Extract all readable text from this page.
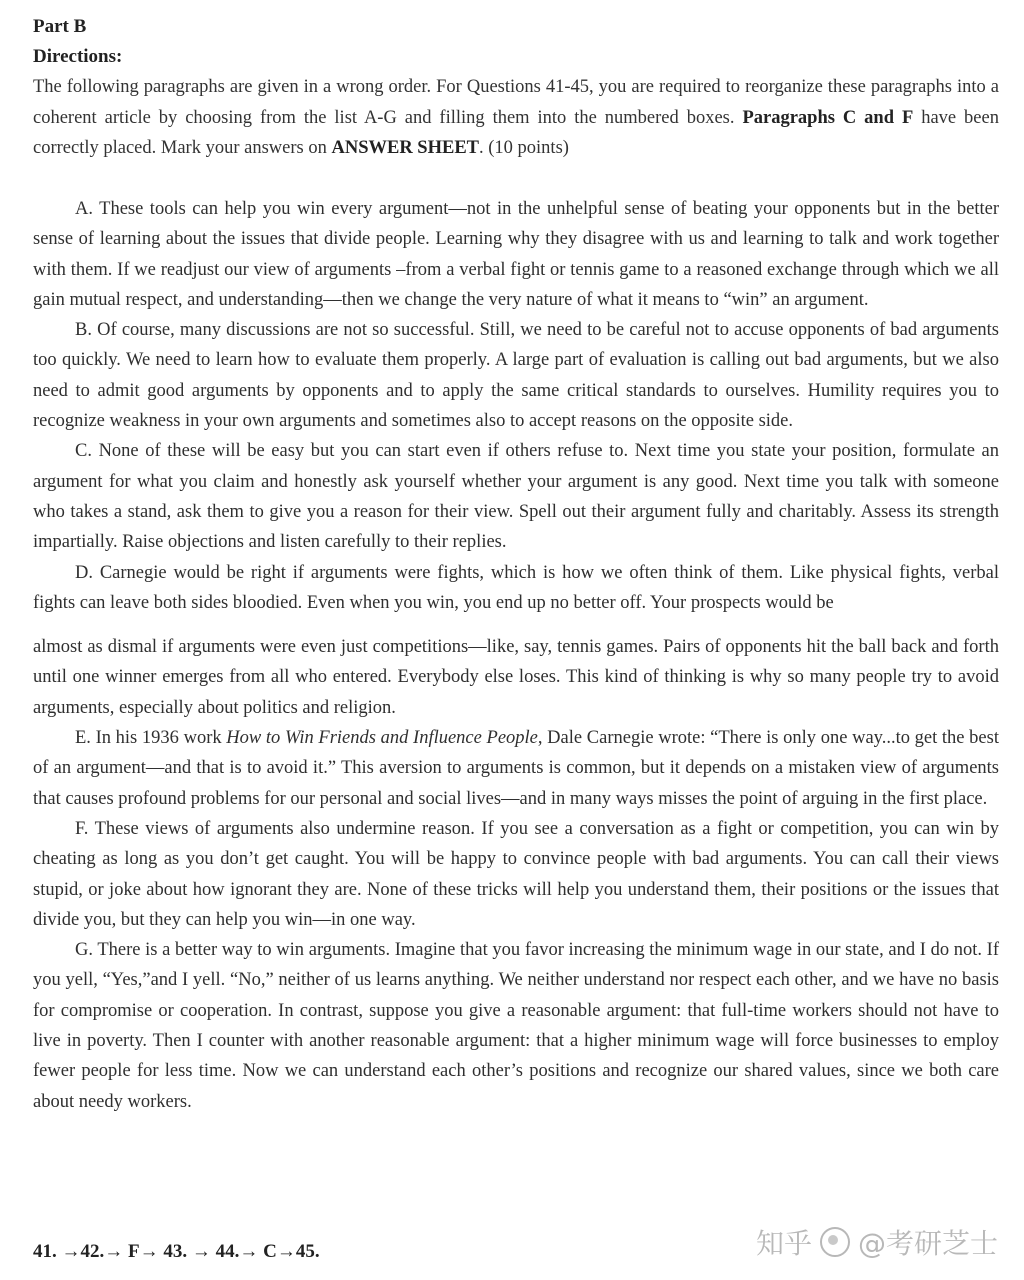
Part B
Directions:
The following paragraphs are given in a wrong order. For Questions 41-45, you are required to reorganize these paragraphs into a coherent article by choosing from the list A-G and filling them into the numbered boxes. Paragraphs C and F have been correctly placed. Mark your answers on ANSWER SHEET. (10 points)

A. These tools can help you win every argument—not in the unhelpful sense of beating your opponents but in the better sense of learning about the issues that divide people. Learning why they disagree with us and learning to talk and work together with them. If we readjust our view of arguments –from a verbal fight or tennis game to a reasoned exchange through which we all gain mutual respect, and understanding—then we change the very nature of what it means to “win” an argument.

B. Of course, many discussions are not so successful. Still, we need to be careful not to accuse opponents of bad arguments too quickly. We need to learn how to evaluate them properly. A large part of evaluation is calling out bad arguments, but we also need to admit good arguments by opponents and to apply the same critical standards to ourselves. Humility requires you to recognize weakness in your own arguments and sometimes also to accept reasons on the opposite side.

C. None of these will be easy but you can start even if others refuse to. Next time you state your position, formulate an argument for what you claim and honestly ask yourself whether your argument is any good. Next time you talk with someone who takes a stand, ask them to give you a reason for their view. Spell out their argument fully and charitably. Assess its strength impartially. Raise objections and listen carefully to their replies.

D. Carnegie would be right if arguments were fights, which is how we often think of them. Like physical fights, verbal fights can leave both sides bloodied. Even when you win, you end up no better off. Your prospects would be

almost as dismal if arguments were even just competitions—like, say, tennis games. Pairs of opponents hit the ball back and forth until one winner emerges from all who entered. Everybody else loses. This kind of thinking is why so many people try to avoid arguments, especially about politics and religion.

E. In his 1936 work How to Win Friends and Influence People, Dale Carnegie wrote: “There is only one way...to get the best of an argument—and that is to avoid it.” This aversion to arguments is common, but it depends on a mistaken view of arguments that causes profound problems for our personal and social lives—and in many ways misses the point of arguing in the first place.

F. These views of arguments also undermine reason. If you see a conversation as a fight or competition, you can win by cheating as long as you don’t get caught. You will be happy to convince people with bad arguments. You can call their views stupid, or joke about how ignorant they are. None of these tricks will help you understand them, their positions or the issues that divide you, but they can help you win—in one way.

G. There is a better way to win arguments. Imagine that you favor increasing the minimum wage in our state, and I do not. If you yell, “Yes,”and I yell. “No,” neither of us learns anything. We neither understand nor respect each other, and we have no basis for compromise or cooperation. In contrast, suppose you give a reasonable argument: that full-time workers should not have to live in poverty. Then I counter with another reasonable argument: that a higher minimum wage will force businesses to employ fewer people for less time. Now we can understand each other’s positions and recognize our shared values, since we both care about needy workers.

41. →42.→ F→ 43. → 44.→ C→45.	知乎 @考研芝士
